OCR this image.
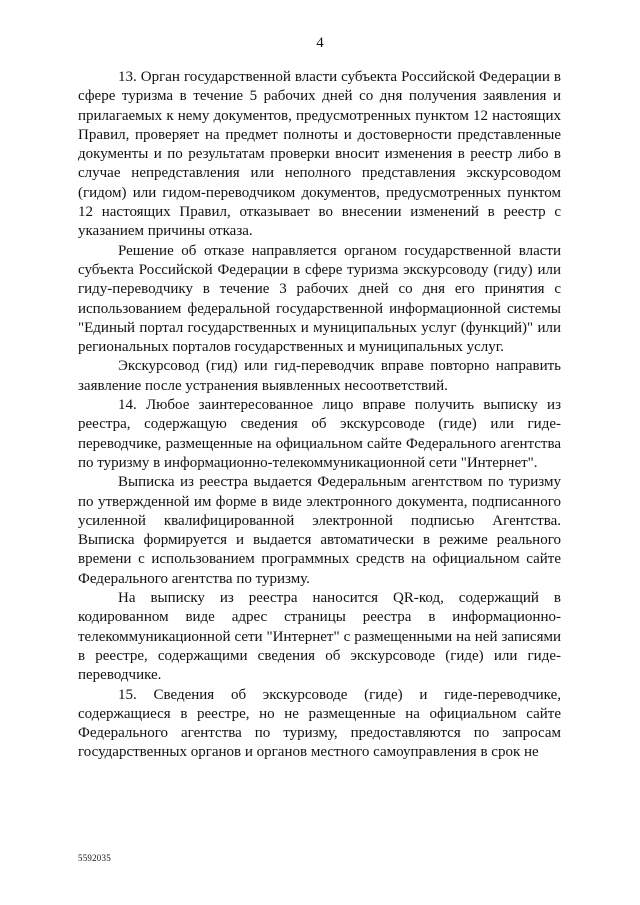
4

13. Орган государственной власти субъекта Российской Федерации в сфере туризма в течение 5 рабочих дней со дня получения заявления и прилагаемых к нему документов, предусмотренных пунктом 12 настоящих Правил, проверяет на предмет полноты и достоверности представленные документы и по результатам проверки вносит изменения в реестр либо в случае непредставления или неполного представления экскурсоводом (гидом) или гидом-переводчиком документов, предусмотренных пунктом 12 настоящих Правил, отказывает во внесении изменений в реестр с указанием причины отказа.

Решение об отказе направляется органом государственной власти субъекта Российской Федерации в сфере туризма экскурсоводу (гиду) или гиду-переводчику в течение 3 рабочих дней со дня его принятия с использованием федеральной государственной информационной системы "Единый портал государственных и муниципальных услуг (функций)" или региональных порталов государственных и муниципальных услуг.

Экскурсовод (гид) или гид-переводчик вправе повторно направить заявление после устранения выявленных несоответствий.

14. Любое заинтересованное лицо вправе получить выписку из реестра, содержащую сведения об экскурсоводе (гиде) или гиде-переводчике, размещенные на официальном сайте Федерального агентства по туризму в информационно-телекоммуникационной сети "Интернет".

Выписка из реестра выдается Федеральным агентством по туризму по утвержденной им форме в виде электронного документа, подписанного усиленной квалифицированной электронной подписью Агентства. Выписка формируется и выдается автоматически в режиме реального времени с использованием программных средств на официальном сайте Федерального агентства по туризму.

На выписку из реестра наносится QR-код, содержащий в кодированном виде адрес страницы реестра в информационно-телекоммуникационной сети "Интернет" с размещенными на ней записями в реестре, содержащими сведения об экскурсоводе (гиде) или гиде-переводчике.

15. Сведения об экскурсоводе (гиде) и гиде-переводчике, содержащиеся в реестре, но не размещенные на официальном сайте Федерального агентства по туризму, предоставляются по запросам государственных органов и органов местного самоуправления в срок не

5592035
